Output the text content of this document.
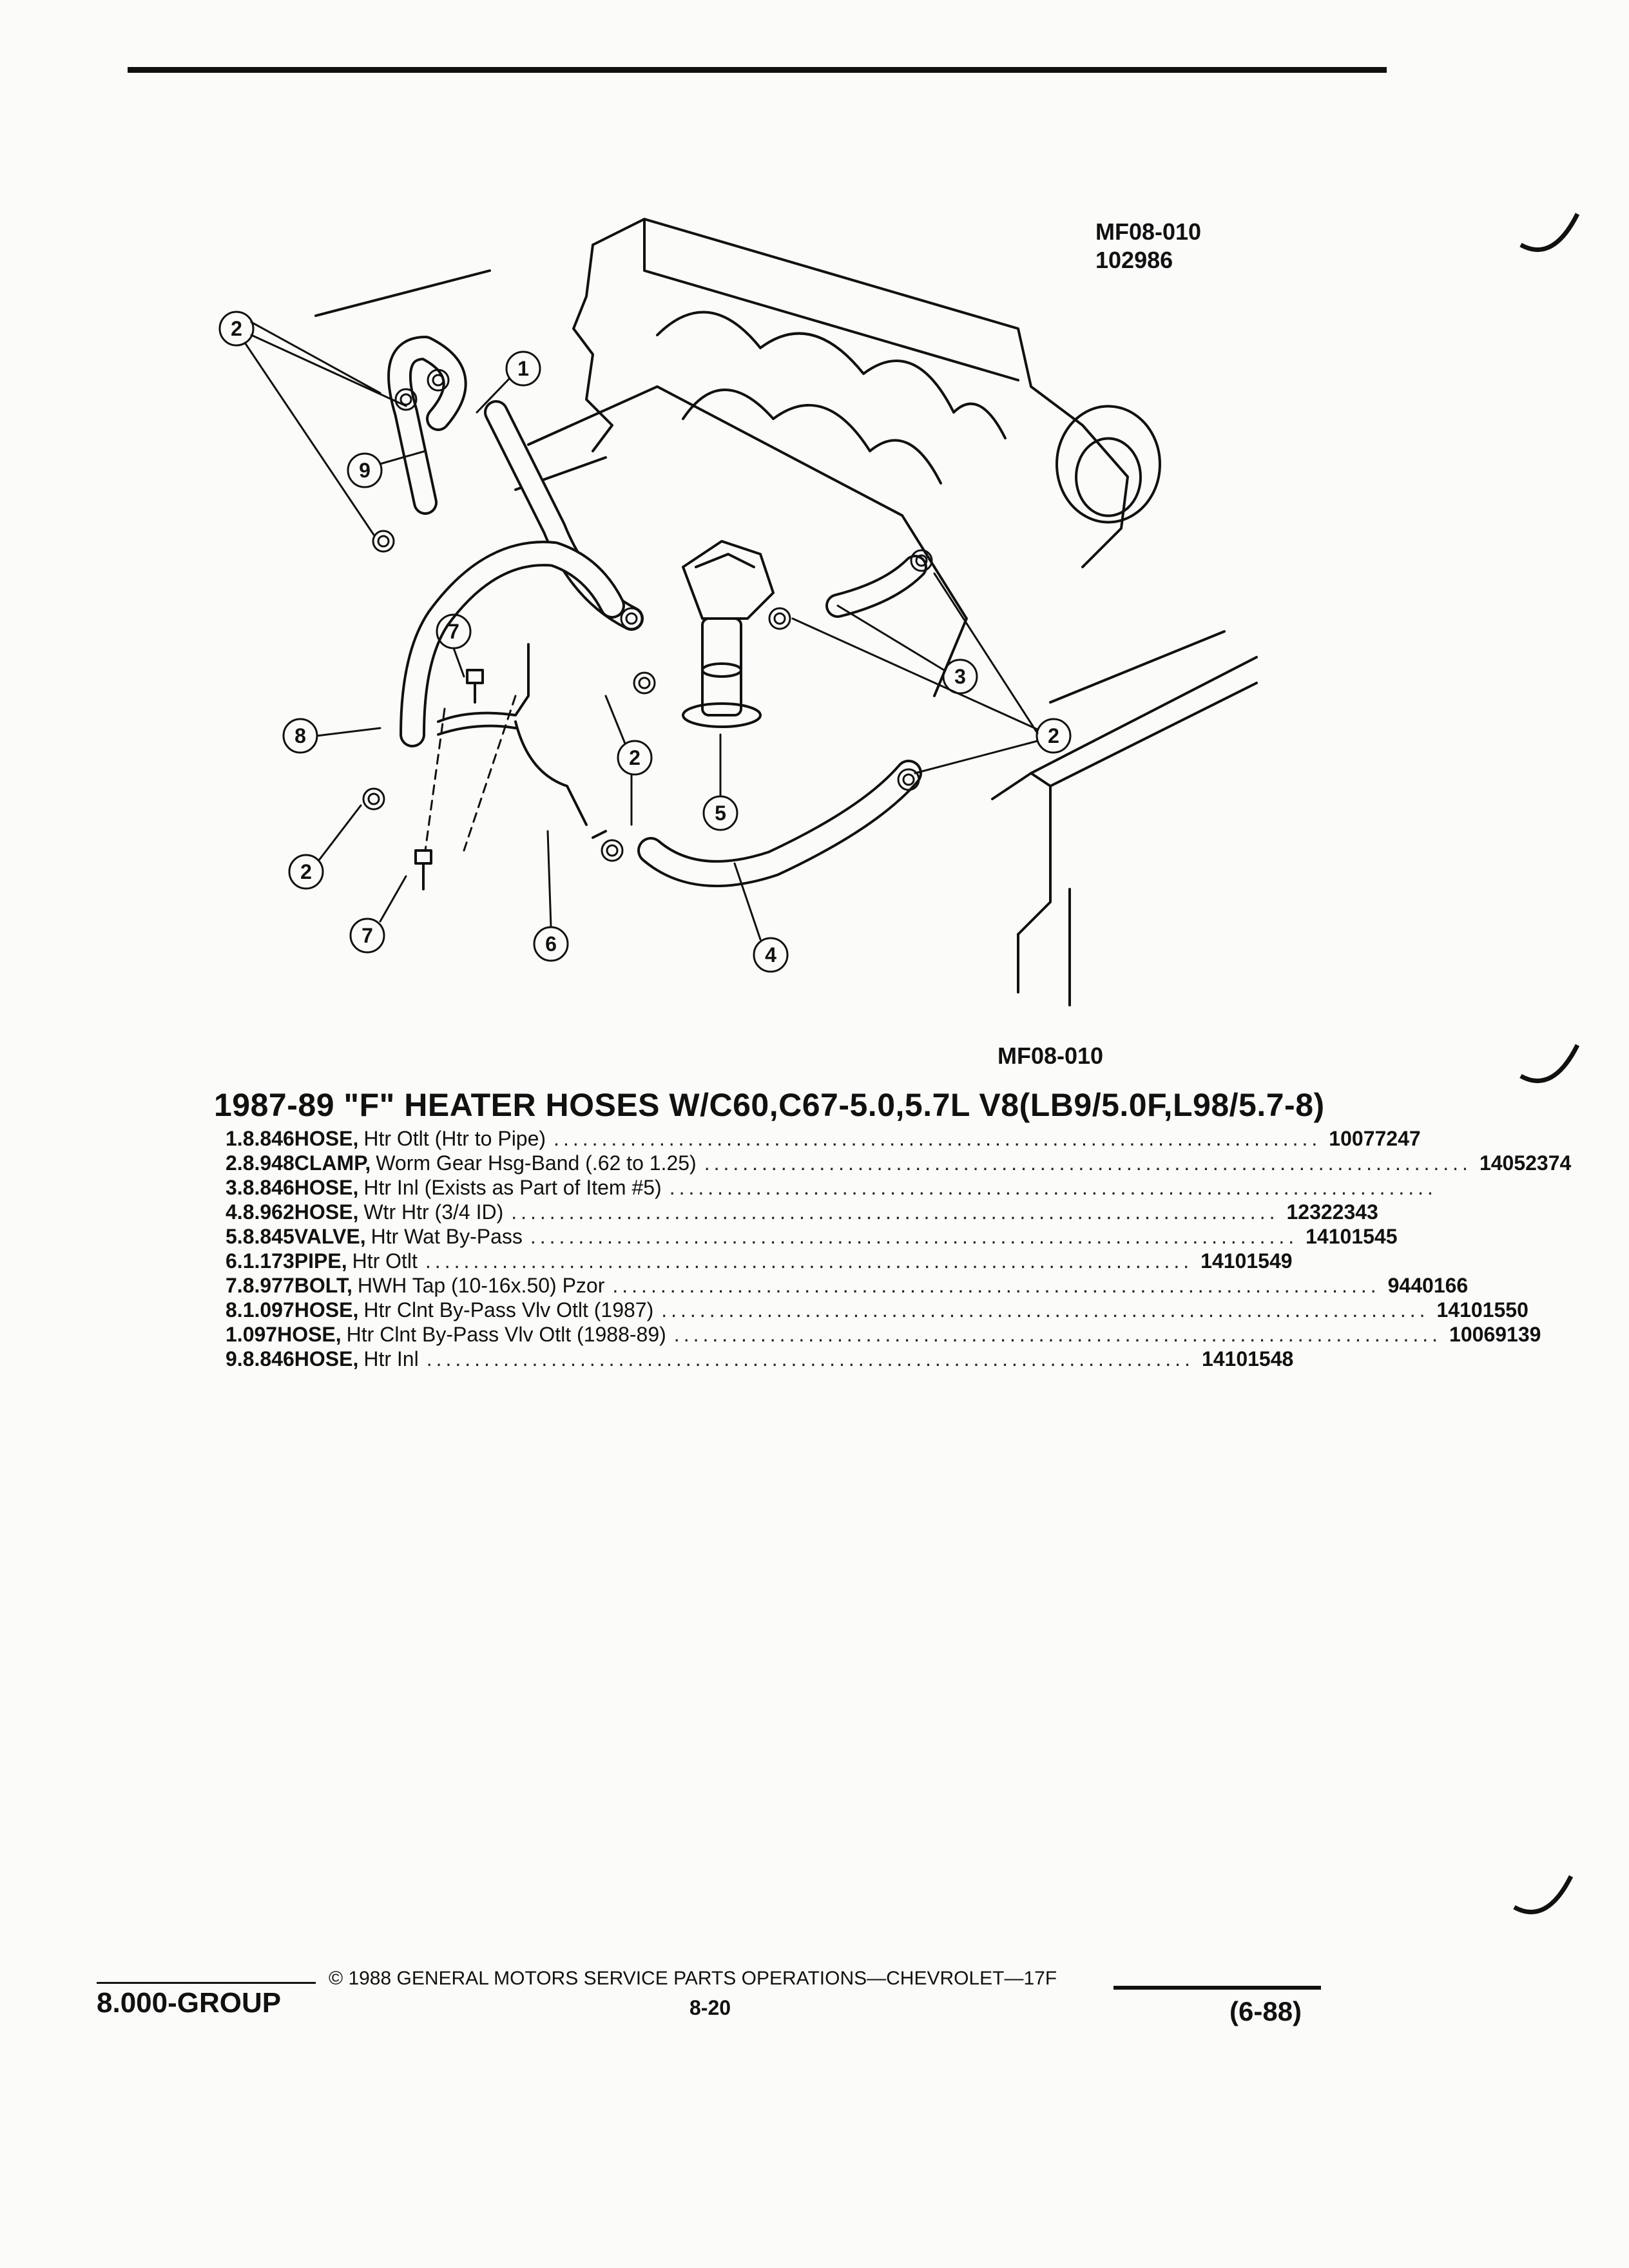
MF08-010
102986
2
1
9
7
8
2
7	6
2
5
4
3
2
MF08-010
1987-89 "F" HEATER HOSES W/C60,C67-5.0,5.7L V8(LB9/5.0F,L98/5.7-8)
1. 8.846 HOSE, Htr Otlt (Htr to Pipe) ................................................................................ 10077247
2. 8.948 CLAMP, Worm Gear Hsg-Band (.62 to 1.25) ................................................................................ 14052374
3. 8.846 HOSE, Htr Inl (Exists as Part of Item #5) ................................................................................
4. 8.962 HOSE, Wtr Htr (3/4 ID) ................................................................................ 12322343
5. 8.845 VALVE, Htr Wat By-Pass ................................................................................ 14101545
6. 1.173 PIPE, Htr Otlt ................................................................................ 14101549
7. 8.977 BOLT, HWH Tap (10-16x.50) Pzor ................................................................................ 9440166
8. 1.097 HOSE, Htr Clnt By-Pass Vlv Otlt (1987) ................................................................................ 14101550
1.097 HOSE, Htr Clnt By-Pass Vlv Otlt (1988-89) ................................................................................ 10069139
9. 8.846 HOSE, Htr Inl ................................................................................ 14101548
8.000-GROUP
© 1988 GENERAL MOTORS SERVICE PARTS OPERATIONS—CHEVROLET—17F
8-20	(6-88)
